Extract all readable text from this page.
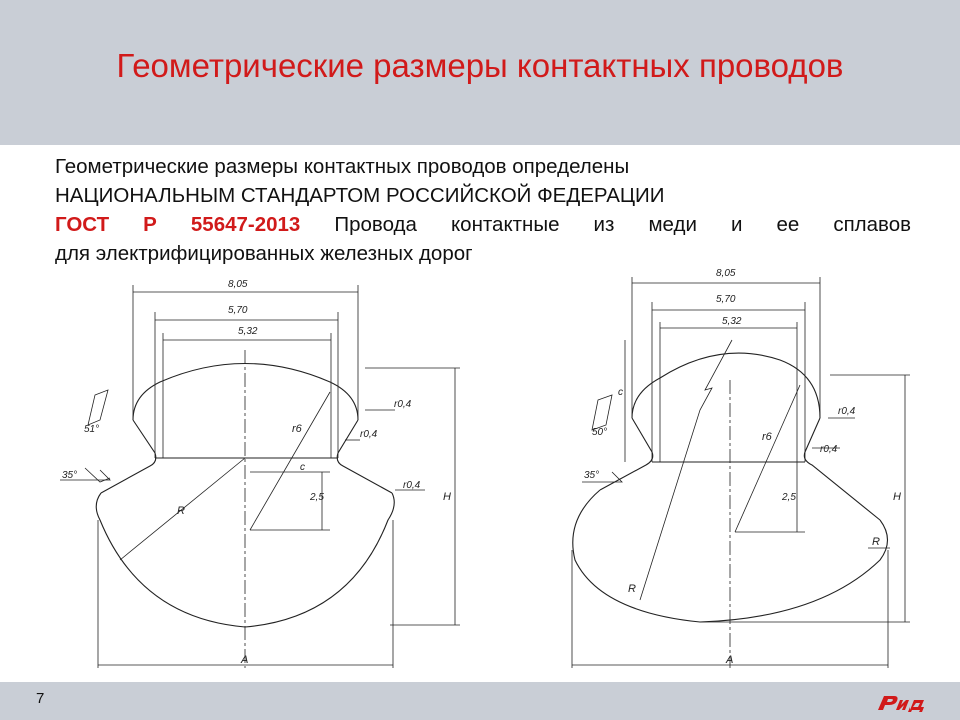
Геометрические размеры контактных проводов
Геометрические размеры контактных проводов определены
НАЦИОНАЛЬНЫМ СТАНДАРТОМ РОССИЙСКОЙ ФЕДЕРАЦИИ
ГОСТ Р 55647-2013 Провода контактные из меди и ее сплавов
для электрифицированных железных дорог
8,05
5,70
5,32
51°
35°
r0,4
r0,4
r0,4
R
r6
c
2,5	H
A
8,05
5,70
5,32
50°
35°
r0,4
r0,4
R
r6
R
c
2,5	H
A
7
